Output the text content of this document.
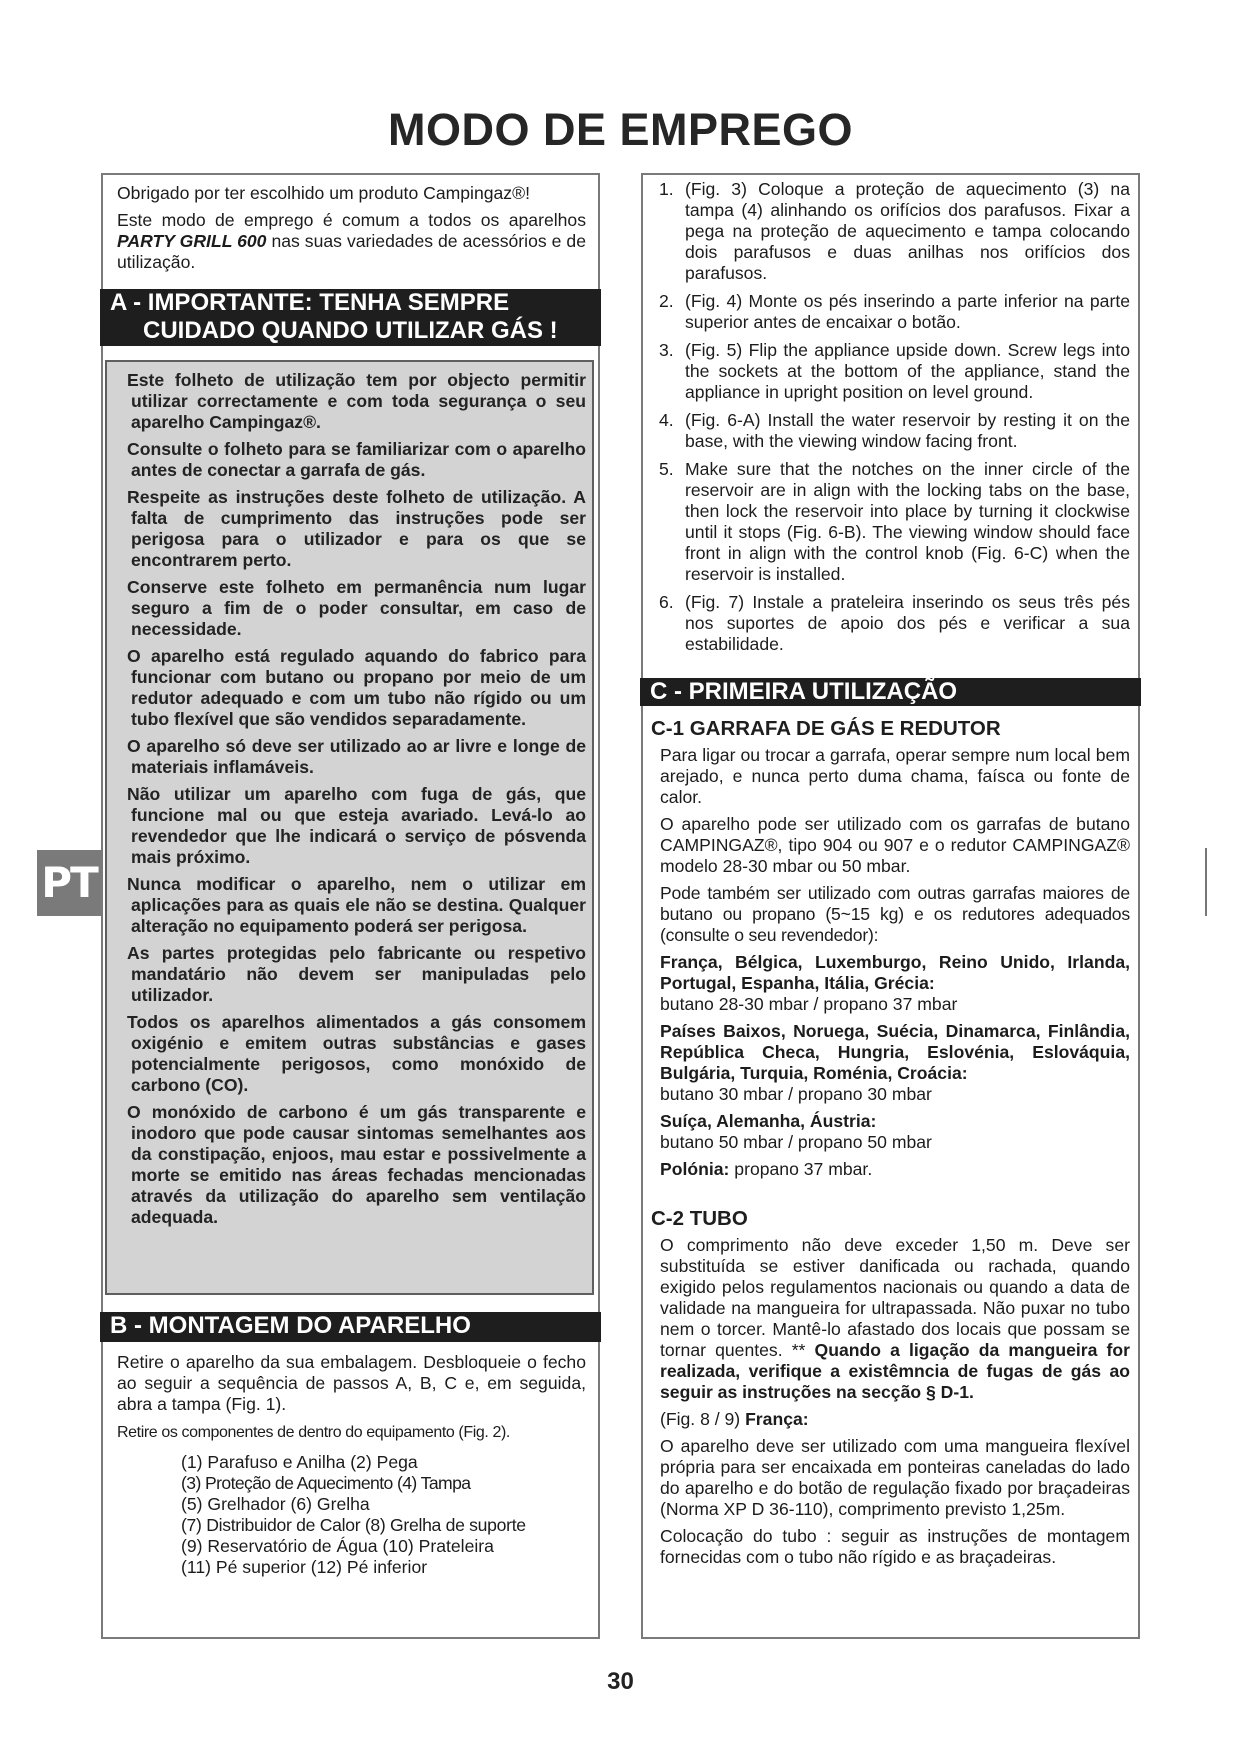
MODO DE EMPREGO
PT

Obrigado por ter escolhido um produto Campingaz®!

Este modo de emprego é comum a todos os aparelhos PARTY GRILL 600 nas suas variedades de acessórios e de utilização.

A - IMPORTANTE: TENHA SEMPRE
CUIDADO QUANDO UTILIZAR GÁS !

Este folheto de utilização tem por objecto permitir utilizar correctamente e com toda segurança o seu aparelho Campingaz®.

Consulte o folheto para se familiarizar com o aparelho antes de conectar a garrafa de gás.

Respeite as instruções deste folheto de utilização. A falta de cumprimento das instruções pode ser perigosa para o utilizador e para os que se encontrarem perto.

Conserve este folheto em permanência num lugar seguro a fim de o poder consultar, em caso de necessidade.

O aparelho está regulado aquando do fabrico para funcionar com butano ou propano por meio de um redutor adequado e com um tubo não rígido ou um tubo flexível que são vendidos separadamente.

O aparelho só deve ser utilizado ao ar livre e longe de materiais inflamáveis.

Não utilizar um aparelho com fuga de gás, que funcione mal ou que esteja avariado. Levá-lo ao revendedor que lhe indicará o serviço de pósvenda mais próximo.

Nunca modificar o aparelho, nem o utilizar em aplicações para as quais ele não se destina. Qualquer alteração no equipamento poderá ser perigosa.

As partes protegidas pelo fabricante ou respetivo mandatário não devem ser manipuladas pelo utilizador.

Todos os aparelhos alimentados a gás consomem oxigénio e emitem outras substâncias e gases potencialmente perigosos, como monóxido de carbono (CO).

O monóxido de carbono é um gás transparente e inodoro que pode causar sintomas semelhantes aos da constipação, enjoos, mau estar e possivelmente a morte se emitido nas áreas fechadas mencionadas através da utilização do aparelho sem ventilação adequada.

B - MONTAGEM DO APARELHO

Retire o aparelho da sua embalagem. Desbloqueie o fecho ao seguir a sequência de passos A, B, C e, em seguida, abra a tampa (Fig. 1).

Retire os componentes de dentro do equipamento (Fig. 2).

(1) Parafuso e Anilha (2) Pega
(3) Proteção de Aquecimento (4) Tampa
(5) Grelhador (6) Grelha
(7) Distribuidor de Calor (8) Grelha de suporte
(9) Reservatório de Água (10) Prateleira
(11) Pé superior (12) Pé inferior
1. (Fig. 3) Coloque a proteção de aquecimento (3) na tampa (4) alinhando os orifícios dos parafusos. Fixar a pega na proteção de aquecimento e tampa colocando dois parafusos e duas anilhas nos orifícios dos parafusos.

2. (Fig. 4) Monte os pés inserindo a parte inferior na parte superior antes de encaixar o botão.

3. (Fig. 5) Flip the appliance upside down. Screw legs into the sockets at the bottom of the appliance, stand the appliance in upright position on level ground.

4. (Fig. 6-A) Install the water reservoir by resting it on the base, with the viewing window facing front.

5. Make sure that the notches on the inner circle of the reservoir are in align with the locking tabs on the base, then lock the reservoir into place by turning it clockwise until it stops (Fig. 6-B). The viewing window should face front in align with the control knob (Fig. 6-C) when the reservoir is installed.

6. (Fig. 7) Instale a prateleira inserindo os seus três pés nos suportes de apoio dos pés e verificar a sua estabilidade.

C - PRIMEIRA UTILIZAÇÃO
C-1 GARRAFA DE GÁS E REDUTOR

Para ligar ou trocar a garrafa, operar sempre num local bem arejado, e nunca perto duma chama, faísca ou fonte de calor.

O aparelho pode ser utilizado com os garrafas de butano CAMPINGAZ®, tipo 904 ou 907 e o redutor CAMPINGAZ® modelo 28-30 mbar ou 50 mbar.

Pode também ser utilizado com outras garrafas maiores de butano ou propano (5~15 kg) e os redutores adequados (consulte o seu revendedor):

França, Bélgica, Luxemburgo, Reino Unido, Irlanda, Portugal, Espanha, Itália, Grécia:
butano 28-30 mbar / propano 37 mbar

Países Baixos, Noruega, Suécia, Dinamarca, Finlândia, República Checa, Hungria, Eslovénia, Eslováquia, Bulgária, Turquia, Roménia, Croácia:
butano 30 mbar / propano 30 mbar

Suíça, Alemanha, Áustria:
butano 50 mbar / propano 50 mbar

Polónia: propano 37 mbar.

C-2 TUBO

O comprimento não deve exceder 1,50 m. Deve ser substituída se estiver danificada ou rachada, quando exigido pelos regulamentos nacionais ou quando a data de validade na mangueira for ultrapassada. Não puxar no tubo nem o torcer. Mantê-lo afastado dos locais que possam se tornar quentes. ** Quando a ligação da mangueira for realizada, verifique a existêmncia de fugas de gás ao seguir as instruções na secção § D-1.

(Fig. 8 / 9) França:

O aparelho deve ser utilizado com uma mangueira flexível própria para ser encaixada em ponteiras caneladas do lado do aparelho e do botão de regulação fixado por braçadeiras (Norma XP D 36-110), comprimento previsto 1,25m.

Colocação do tubo : seguir as instruções de montagem fornecidas com o tubo não rígido e as braçadeiras.

30
